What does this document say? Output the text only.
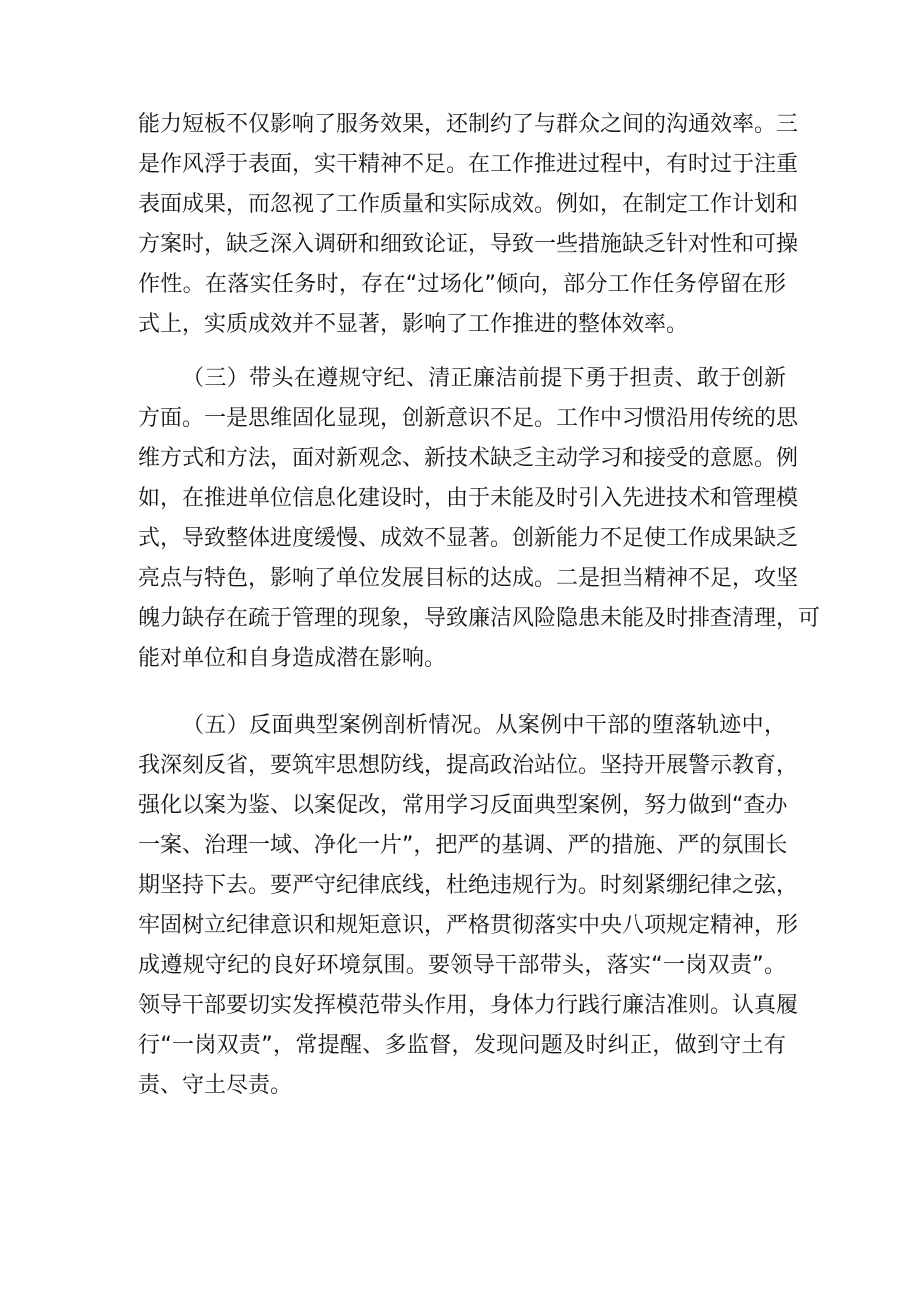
能力短板不仅影响了服务效果，还制约了与群众之间的沟通效率。三
是作风浮于表面，实干精神不足。在工作推进过程中，有时过于注重
表面成果，而忽视了工作质量和实际成效。例如，在制定工作计划和
方案时，缺乏深入调研和细致论证，导致一些措施缺乏针对性和可操
作性。在落实任务时，存在“过场化”倾向，部分工作任务停留在形
式上，实质成效并不显著，影响了工作推进的整体效率。
（三）带头在遵规守纪、清正廉洁前提下勇于担责、敢于创新
方面。一是思维固化显现，创新意识不足。工作中习惯沿用传统的思
维方式和方法，面对新观念、新技术缺乏主动学习和接受的意愿。例
如，在推进单位信息化建设时，由于未能及时引入先进技术和管理模
式，导致整体进度缓慢、成效不显著。创新能力不足使工作成果缺乏
亮点与特色，影响了单位发展目标的达成。二是担当精神不足，攻坚
魄力缺存在疏于管理的现象，导致廉洁风险隐患未能及时排查清理，可
能对单位和自身造成潜在影响。
（五）反面典型案例剖析情况。从案例中干部的堕落轨迹中，
我深刻反省，要筑牢思想防线，提高政治站位。坚持开展警示教育，
强化以案为鉴、以案促改，常用学习反面典型案例，努力做到“查办
一案、治理一域、净化一片”，把严的基调、严的措施、严的氛围长
期坚持下去。要严守纪律底线，杜绝违规行为。时刻紧绷纪律之弦，
牢固树立纪律意识和规矩意识，严格贯彻落实中央八项规定精神，形
成遵规守纪的良好环境氛围。要领导干部带头，落实“一岗双责”。
领导干部要切实发挥模范带头作用，身体力行践行廉洁准则。认真履
行“一岗双责”，常提醒、多监督，发现问题及时纠正，做到守土有
责、守土尽责。
